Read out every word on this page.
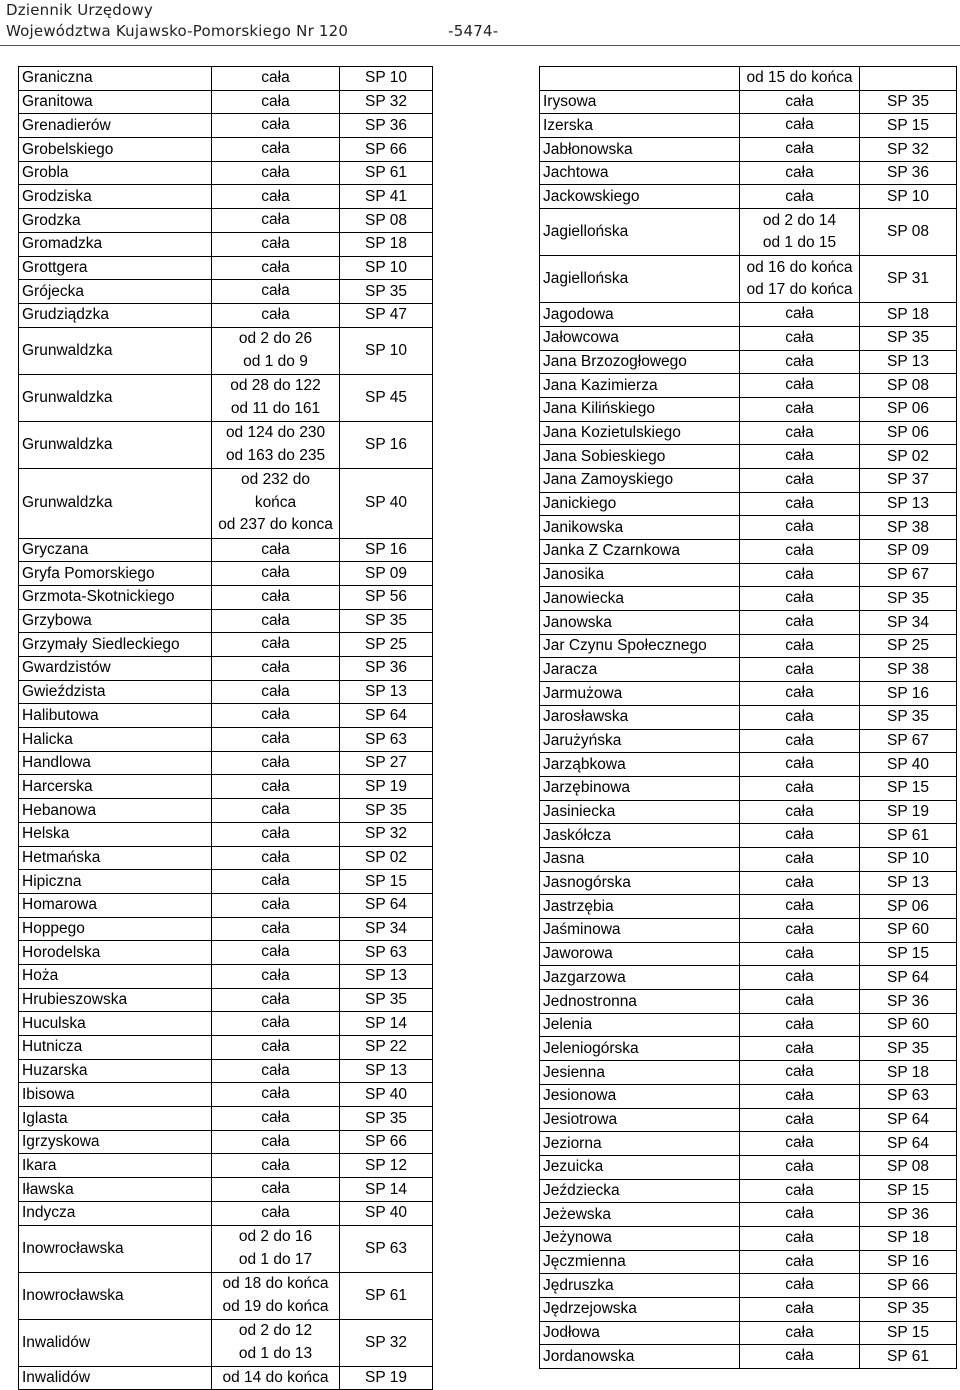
Dziennik Urzędowy
Województwa Kujawsko-Pomorskiego Nr 120	-5474-
Graniczna	cała	SP 10
Granitowa	cała	SP 32
Grenadierów	cała	SP 36
Grobelskiego	cała	SP 66
Grobla	cała	SP 61
Grodziska	cała	SP 41
Grodzka	cała	SP 08
Gromadzka	cała	SP 18
Grottgera	cała	SP 10
Grójecka	cała	SP 35
Grudziądzka	cała	SP 47
Grunwaldzka	od 2 do 26
od 1 do 9	SP 10
Grunwaldzka	od 28 do 122
od 11 do 161	SP 45
Grunwaldzka	od 124 do 230
od 163 do 235	SP 16
Grunwaldzka	od 232 do
końca
od 237 do konca	SP 40
Gryczana	cała	SP 16
Gryfa Pomorskiego	cała	SP 09
Grzmota-Skotnickiego	cała	SP 56
Grzybowa	cała	SP 35
Grzymały Siedleckiego	cała	SP 25
Gwardzistów	cała	SP 36
Gwieździsta	cała	SP 13
Halibutowa	cała	SP 64
Halicka	cała	SP 63
Handlowa	cała	SP 27
Harcerska	cała	SP 19
Hebanowa	cała	SP 35
Helska	cała	SP 32
Hetmańska	cała	SP 02
Hipiczna	cała	SP 15
Homarowa	cała	SP 64
Hoppego	cała	SP 34
Horodelska	cała	SP 63
Hoża	cała	SP 13
Hrubieszowska	cała	SP 35
Huculska	cała	SP 14
Hutnicza	cała	SP 22
Huzarska	cała	SP 13
Ibisowa	cała	SP 40
Iglasta	cała	SP 35
Igrzyskowa	cała	SP 66
Ikara	cała	SP 12
Iławska	cała	SP 14
Indycza	cała	SP 40
Inowrocławska	od 2 do 16
od 1 do 17	SP 63
Inowrocławska	od 18 do końca
od 19 do końca	SP 61
Inwalidów	od 2 do 12
od 1 do 13	SP 32
Inwalidów	od 14 do końca	SP 19

	od 15 do końca	

Irysowa	cała	SP 35
Izerska	cała	SP 15
Jabłonowska	cała	SP 32
Jachtowa	cała	SP 36
Jackowskiego	cała	SP 10
Jagiellońska	od 2 do 14
od 1 do 15	SP 08
Jagiellońska	od 16 do końca
od 17 do końca	SP 31
Jagodowa	cała	SP 18
Jałowcowa	cała	SP 35
Jana Brzozogłowego	cała	SP 13
Jana Kazimierza	cała	SP 08
Jana Kilińskiego	cała	SP 06
Jana Kozietulskiego	cała	SP 06
Jana Sobieskiego	cała	SP 02
Jana Zamoyskiego	cała	SP 37
Janickiego	cała	SP 13
Janikowska	cała	SP 38
Janka Z Czarnkowa	cała	SP 09
Janosika	cała	SP 67
Janowiecka	cała	SP 35
Janowska	cała	SP 34
Jar Czynu Społecznego	cała	SP 25
Jaracza	cała	SP 38
Jarmużowa	cała	SP 16
Jarosławska	cała	SP 35
Jarużyńska	cała	SP 67
Jarząbkowa	cała	SP 40
Jarzębinowa	cała	SP 15
Jasiniecka	cała	SP 19
Jaskółcza	cała	SP 61
Jasna	cała	SP 10
Jasnogórska	cała	SP 13
Jastrzębia	cała	SP 06
Jaśminowa	cała	SP 60
Jaworowa	cała	SP 15
Jazgarzowa	cała	SP 64
Jednostronna	cała	SP 36
Jelenia	cała	SP 60
Jeleniogórska	cała	SP 35
Jesienna	cała	SP 18
Jesionowa	cała	SP 63
Jesiotrowa	cała	SP 64
Jeziorna	cała	SP 64
Jezuicka	cała	SP 08
Jeździecka	cała	SP 15
Jeżewska	cała	SP 36
Jeżynowa	cała	SP 18
Jęczmienna	cała	SP 16
Jędruszka	cała	SP 66
Jędrzejowska	cała	SP 35
Jodłowa	cała	SP 15
Jordanowska	cała	SP 61
